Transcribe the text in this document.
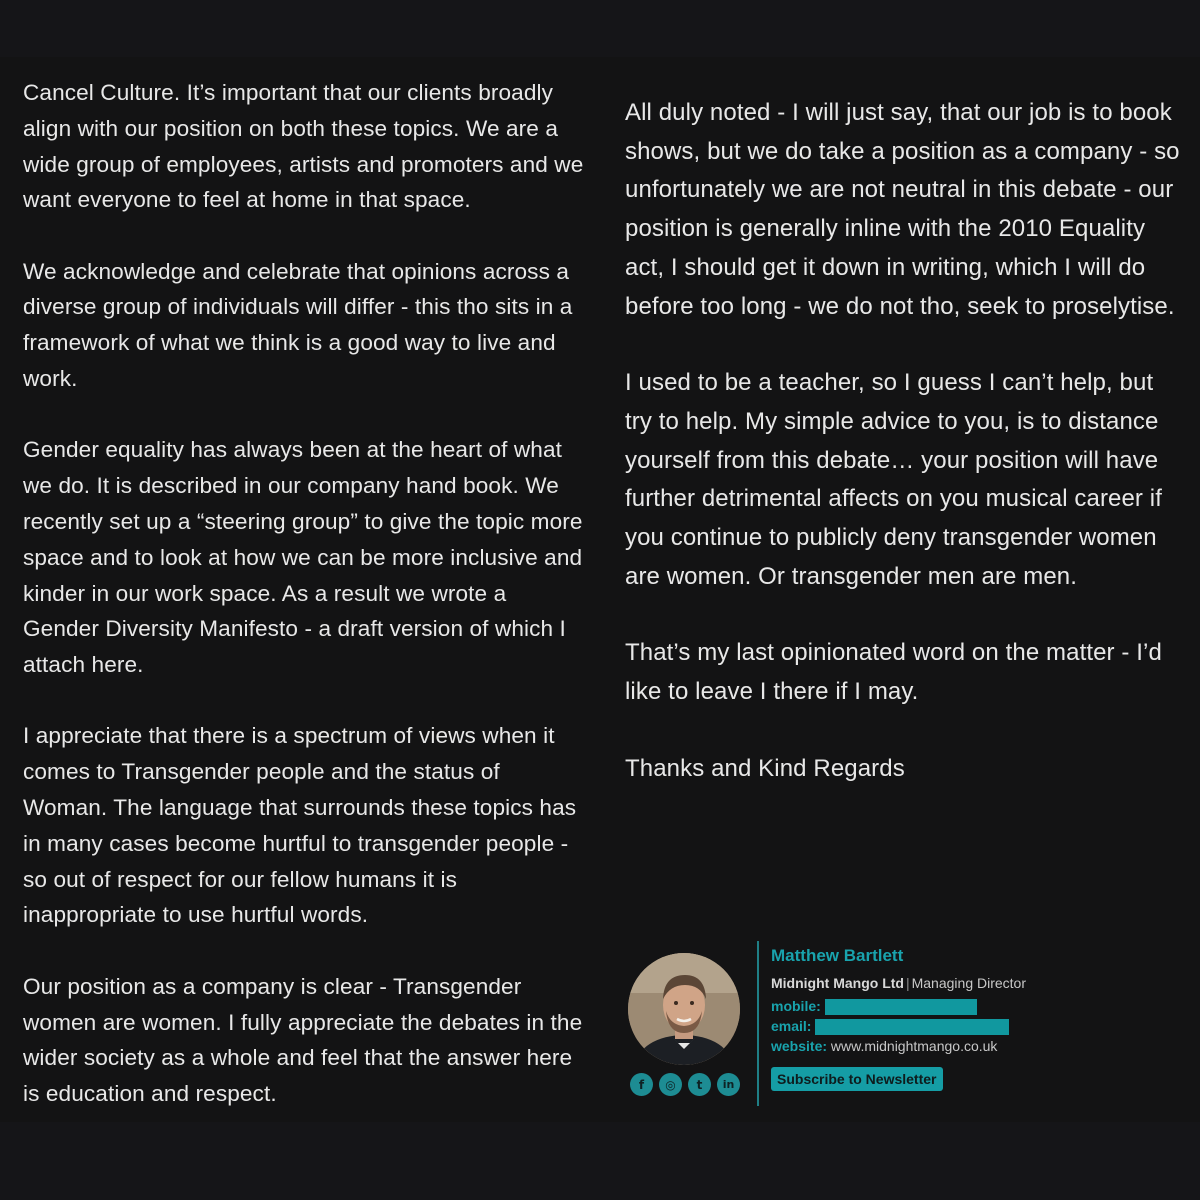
Cancel Culture. It’s important that our clients broadly align with our position on both these topics. We are a wide group of employees, artists and promoters and we want everyone to feel at home in that space.

We acknowledge and celebrate that opinions across a diverse group of individuals will differ - this tho sits in a framework of what we think is a good way to live and work.

Gender equality has always been at the heart of what we do. It is described in our company hand book. We recently set up a “steering group” to give the topic more space and to look at how we can be more inclusive and kinder in our work space. As a result we wrote a Gender Diversity Manifesto - a draft version of which I attach here.

I appreciate that there is a spectrum of views when it comes to Transgender people and the status of Woman. The language that surrounds these topics has in many cases become hurtful to transgender people - so out of respect for our fellow humans it is inappropriate to use hurtful words.

Our position as a company is clear - Transgender women are women. I fully appreciate the debates in the wider society as a whole and feel that the answer here is education and respect.

All duly noted - I will just say, that our job is to book shows, but we do take a position as a company - so unfortunately we are not neutral in this debate - our position is generally inline with the 2010 Equality act, I should get it down in writing, which I will do before too long - we do not tho, seek to proselytise.

I used to be a teacher, so I guess I can’t help, but try to help. My simple advice to you, is to distance yourself from this debate… your position will have further detrimental affects on you musical career if you continue to publicly deny transgender women are women. Or transgender men are men.

That’s my last opinionated word on the matter - I’d like to leave I there if I may.

Thanks and Kind Regards

f	◎	t	in
Matthew Bartlett
Midnight Mango Ltd | Managing Director
mobile:
email:
website: www.midnightmango.co.uk
Subscribe to Newsletter
